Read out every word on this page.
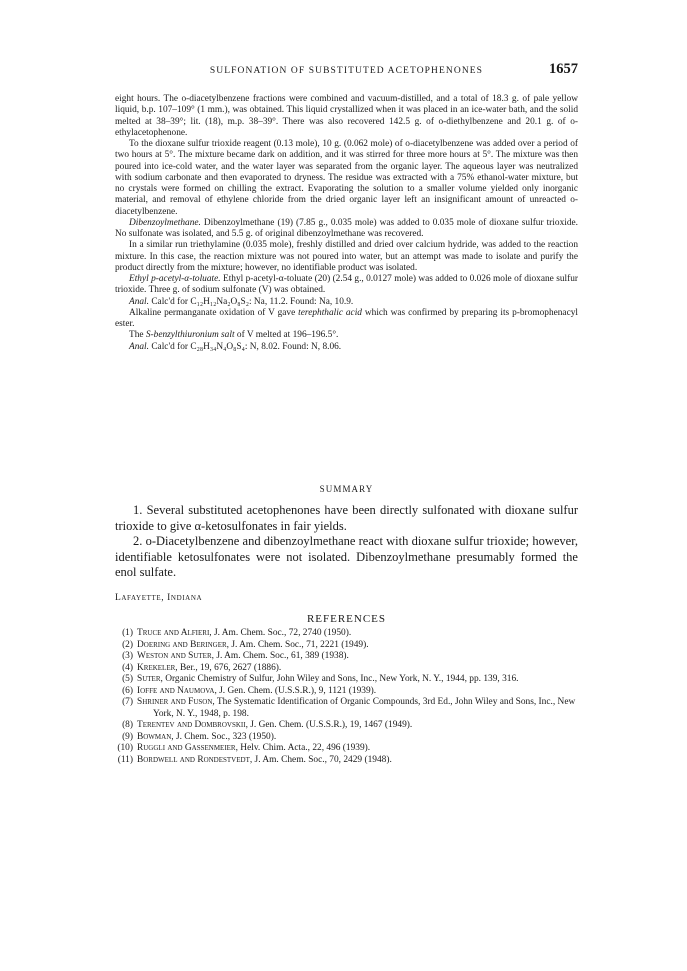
SULFONATION OF SUBSTITUTED ACETOPHENONES	1657

eight hours. The o-diacetylbenzene fractions were combined and vacuum-distilled, and a total of 18.3 g. of pale yellow liquid, b.p. 107–109° (1 mm.), was obtained. This liquid crystallized when it was placed in an ice-water bath, and the solid melted at 38–39°; lit. (18), m.p. 38–39°. There was also recovered 142.5 g. of o-diethylbenzene and 20.1 g. of o-ethylacetophenone.

To the dioxane sulfur trioxide reagent (0.13 mole), 10 g. (0.062 mole) of o-diacetylbenzene was added over a period of two hours at 5°. The mixture became dark on addition, and it was stirred for three more hours at 5°. The mixture was then poured into ice-cold water, and the water layer was separated from the organic layer. The aqueous layer was neutralized with sodium carbonate and then evaporated to dryness. The residue was extracted with a 75% ethanol-water mixture, but no crystals were formed on chilling the extract. Evaporating the solution to a smaller volume yielded only inorganic material, and removal of ethylene chloride from the dried organic layer left an insignificant amount of unreacted o-diacetylbenzene.

Dibenzoylmethane. Dibenzoylmethane (19) (7.85 g., 0.035 mole) was added to 0.035 mole of dioxane sulfur trioxide. No sulfonate was isolated, and 5.5 g. of original dibenzoylmethane was recovered.

In a similar run triethylamine (0.035 mole), freshly distilled and dried over calcium hydride, was added to the reaction mixture. In this case, the reaction mixture was not poured into water, but an attempt was made to isolate and purify the product directly from the mixture; however, no identifiable product was isolated.

Ethyl p-acetyl-α-toluate. Ethyl p-acetyl-α-toluate (20) (2.54 g., 0.0127 mole) was added to 0.026 mole of dioxane sulfur trioxide. Three g. of sodium sulfonate (V) was obtained.

Anal. Calc'd for C₁₂H₁₂Na₂O₈S₂: Na, 11.2. Found: Na, 10.9.

Alkaline permanganate oxidation of V gave terephthalic acid which was confirmed by preparing its p-bromophenacyl ester.

The S-benzylthiuronium salt of V melted at 196–196.5°.

Anal. Calc'd for C₂₈H₃₄N₄O₈S₄: N, 8.02. Found: N, 8.06.

SUMMARY

1. Several substituted acetophenones have been directly sulfonated with dioxane sulfur trioxide to give α-ketosulfonates in fair yields.

2. o-Diacetylbenzene and dibenzoylmethane react with dioxane sulfur trioxide; however, identifiable ketosulfonates were not isolated. Dibenzoylmethane presumably formed the enol sulfate.

Lafayette, Indiana
REFERENCES
(1) Truce and Alfieri, J. Am. Chem. Soc., 72, 2740 (1950).
(2) Doering and Beringer, J. Am. Chem. Soc., 71, 2221 (1949).
(3) Weston and Suter, J. Am. Chem. Soc., 61, 389 (1938).
(4) Krekeler, Ber., 19, 676, 2627 (1886).
(5) Suter, Organic Chemistry of Sulfur, John Wiley and Sons, Inc., New York, N. Y., 1944, pp. 139, 316.
(6) Ioffe and Naumova, J. Gen. Chem. (U.S.S.R.), 9, 1121 (1939).
(7) Shriner and Fuson, The Systematic Identification of Organic Compounds, 3rd Ed., John Wiley and Sons, Inc., New York, N. Y., 1948, p. 198.
(8) Terentev and Dombrovskii, J. Gen. Chem. (U.S.S.R.), 19, 1467 (1949).
(9) Bowman, J. Chem. Soc., 323 (1950).
(10) Ruggli and Gassenmeier, Helv. Chim. Acta., 22, 496 (1939).
(11) Bordwell and Rondestvedt, J. Am. Chem. Soc., 70, 2429 (1948).
